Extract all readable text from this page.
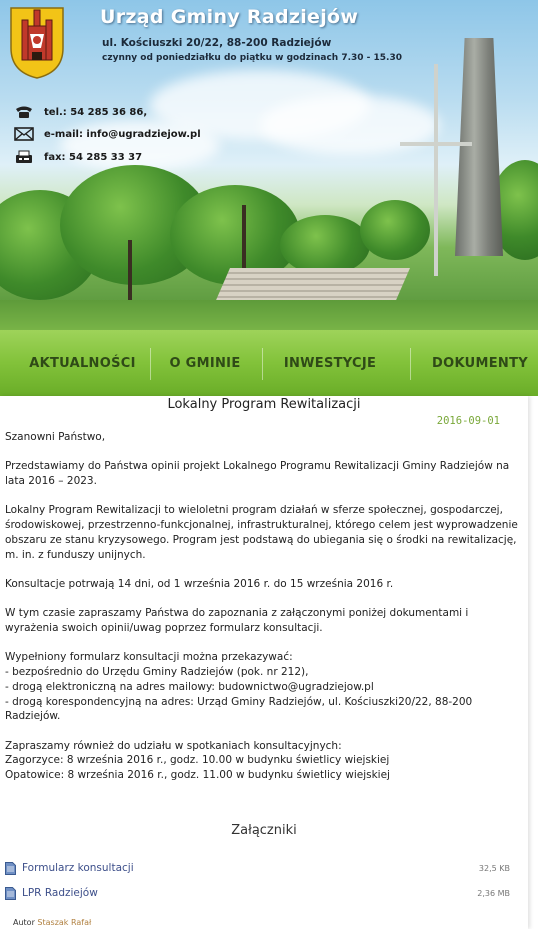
Urząd Gminy Radziejów
ul. Kościuszki 20/22, 88-200 Radziejów
czynny od poniedziałku do piątku w godzinach 7.30 - 15.30
tel.: 54 285 36 86,
e-mail: info@ugradziejow.pl
fax: 54 285 33 37
AKTUALNOŚCI	O GMINIE	INWESTYCJE	DOKUMENTY
Lokalny Program Rewitalizacji
2016-09-01

Szanowni Państwo,

Przedstawiamy do Państwa opinii projekt Lokalnego Programu Rewitalizacji Gminy Radziejów na lata 2016 – 2023.

Lokalny Program Rewitalizacji to wieloletni program działań w sferze społecznej, gospodarczej, środowiskowej, przestrzenno-funkcjonalnej, infrastrukturalnej, którego celem jest wyprowadzenie obszaru ze stanu kryzysowego. Program jest podstawą do ubiegania się o środki na rewitalizację, m. in. z funduszy unijnych.

Konsultacje potrwają 14 dni, od 1 września 2016 r. do 15 września 2016 r.

W tym czasie zapraszamy Państwa do zapoznania z załączonymi poniżej dokumentami i wyrażenia swoich opinii/uwag poprzez formularz konsultacji.

Wypełniony formularz konsultacji można przekazywać:
- bezpośrednio do Urzędu Gminy Radziejów (pok. nr 212),
- drogą elektroniczną na adres mailowy: budownictwo@ugradziejow.pl
- drogą korespondencyjną na adres: Urząd Gminy Radziejów, ul. Kościuszki20/22, 88-200 Radziejów.

Zapraszamy również do udziału w spotkaniach konsultacyjnych:
Zagorzyce: 8 września 2016 r., godz. 10.00 w budynku świetlicy wiejskiej
Opatowice: 8 września 2016 r., godz. 11.00 w budynku świetlicy wiejskiej

Załączniki
Formularz konsultacji	32,5 KB
LPR Radziejów	2,36 MB
Autor Staszak Rafał
